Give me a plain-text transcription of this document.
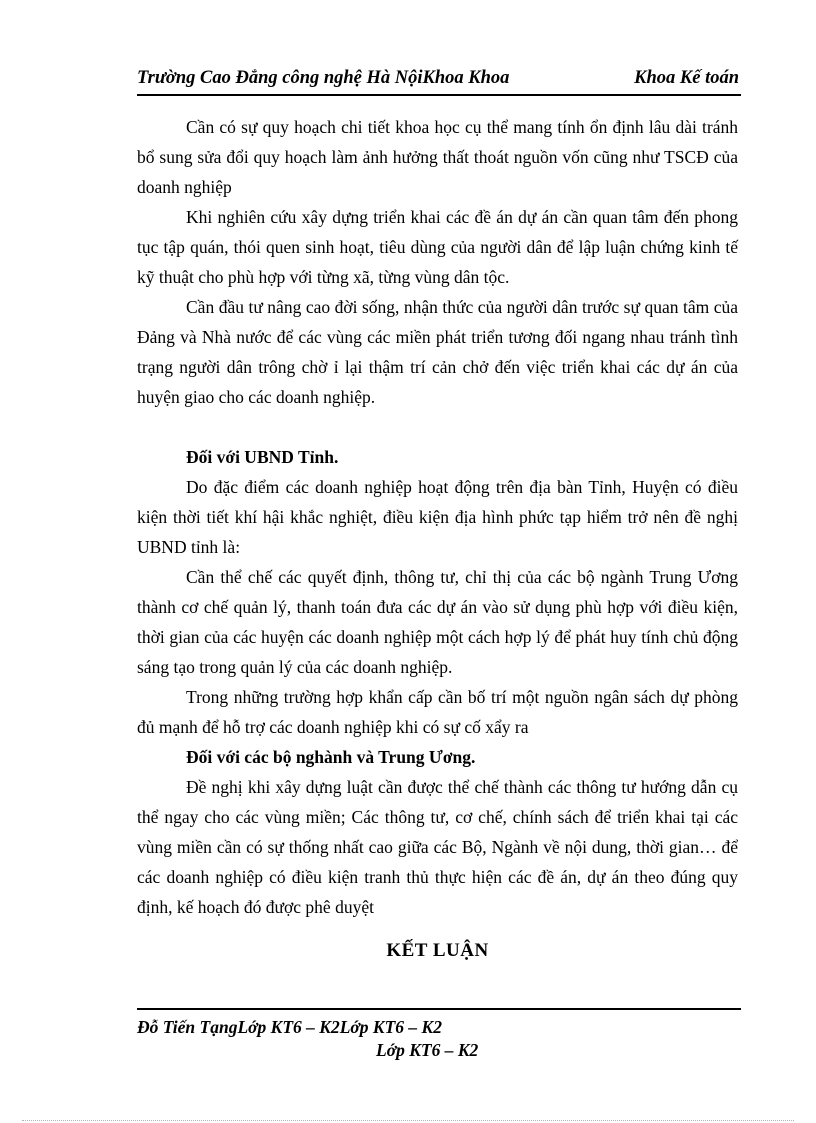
Trường Cao Đẳng công nghệ Hà NộiKhoa Khoa	Khoa Kế toán

Cần có sự quy hoạch chi tiết khoa học cụ thể mang tính ổn định lâu dài tránh bổ sung sửa đổi quy hoạch làm ảnh hưởng thất thoát nguồn vốn cũng như TSCĐ của doanh nghiệp

Khi nghiên cứu xây dựng triển khai các đề án dự án cần quan tâm đến phong tục tập quán, thói quen sinh hoạt, tiêu dùng của người dân để lập luận chứng kinh tế kỹ thuật cho phù hợp với từng xã, từng vùng dân tộc.

Cần đầu tư nâng cao đời sống, nhận thức của người dân trước sự quan tâm của Đảng và Nhà nước để các vùng các miền phát triển tương đối ngang nhau tránh tình trạng người dân trông chờ ỉ lại thậm trí cản chở đến việc triển khai các dự án của huyện giao cho các doanh nghiệp.

Đối với UBND Tỉnh.

Do đặc điểm các doanh nghiệp hoạt động trên địa bàn Tỉnh, Huyện có điều kiện thời tiết khí hậi khắc nghiệt, điều kiện địa hình phức tạp hiểm trở nên đề nghị UBND tỉnh là:

Cần thể chế các quyết định, thông tư, chỉ thị của các bộ ngành Trung Ương thành cơ chế quản lý, thanh toán đưa các dự án vào sử dụng phù hợp với điều kiện, thời gian của các huyện các doanh nghiệp một cách hợp lý để phát huy tính chủ động sáng tạo trong quản lý của các doanh nghiệp.

Trong những trường hợp khẩn cấp cần bố trí một nguồn ngân sách dự phòng đủ mạnh để hỗ trợ các doanh nghiệp khi có sự cố xẩy ra

Đối với các bộ nghành và Trung Ương.

Đề nghị khi xây dựng luật cần được thể chế thành các thông tư hướng dẫn cụ thể ngay cho các vùng miền; Các thông tư, cơ chế, chính sách để triển khai tại các vùng miền cần có sự thống nhất cao giữa các Bộ, Ngành về nội dung, thời gian… để các doanh nghiệp có điều kiện tranh thủ thực hiện các đề án, dự án theo đúng quy định, kế hoạch đó được phê duyệt

KẾT LUẬN
Đỗ Tiến TạngLớp KT6 – K2Lớp KT6 – K2
Lớp KT6 – K2
